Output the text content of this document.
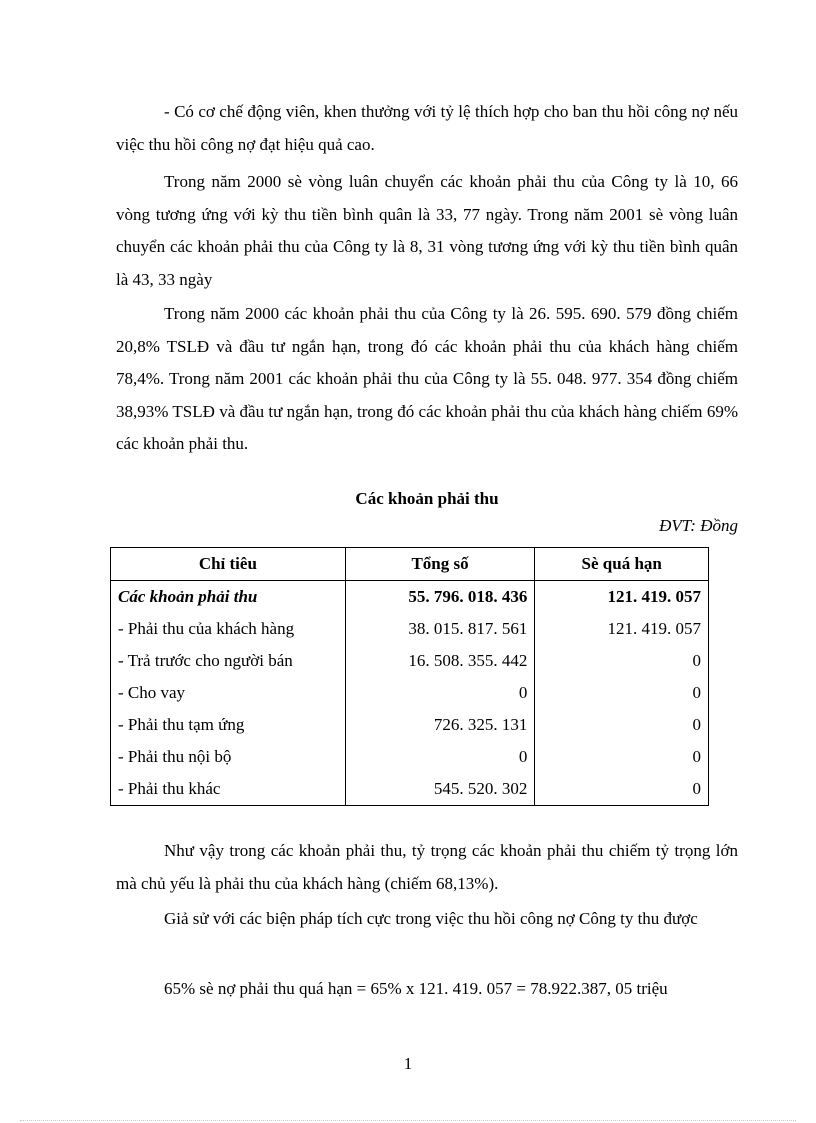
- Có cơ chế động viên, khen thưởng với tỷ lệ thích hợp cho ban thu hồi công nợ nếu việc thu hồi công nợ đạt hiệu quả cao.

Trong năm 2000 sè vòng luân chuyển các khoản phải thu của Công ty là 10, 66 vòng tương ứng với kỳ thu tiền bình quân là 33, 77 ngày. Trong năm 2001 sè vòng luân chuyển các khoản phải thu của Công ty là 8, 31 vòng tương ứng với kỳ thu tiền bình quân là 43, 33 ngày

Trong năm 2000 các khoản phải thu của Công ty là 26. 595. 690. 579 đồng chiếm 20,8% TSLĐ và đầu tư ngắn hạn, trong đó các khoản phải thu của khách hàng chiếm 78,4%. Trong năm 2001 các khoản phải thu của Công ty là 55. 048. 977. 354 đồng chiếm 38,93% TSLĐ và đầu tư ngắn hạn, trong đó các khoản phải thu của khách hàng chiếm 69% các khoản phải thu.

Các khoản phải thu

ĐVT: Đồng

Chỉ tiêu	Tổng số	Sè quá hạn
Các khoản phải thu	55. 796. 018. 436	121. 419. 057
- Phải thu của khách hàng	38. 015. 817. 561	121. 419. 057
- Trả trước cho người bán	16. 508. 355. 442	0
- Cho vay	0	0
- Phải thu tạm ứng	726. 325. 131	0
- Phải thu nội bộ	0	0
- Phải thu khác	545. 520. 302	0

Như vậy trong các khoản phải thu, tỷ trọng các khoản phải thu chiếm tỷ trọng lớn mà chủ yếu là phải thu của khách hàng (chiếm 68,13%).

Giả sử với các biện pháp tích cực trong việc thu hồi công nợ Công ty thu được

65% sè nợ phải thu quá hạn = 65% x 121. 419. 057 = 78.922.387, 05 triệu

1
